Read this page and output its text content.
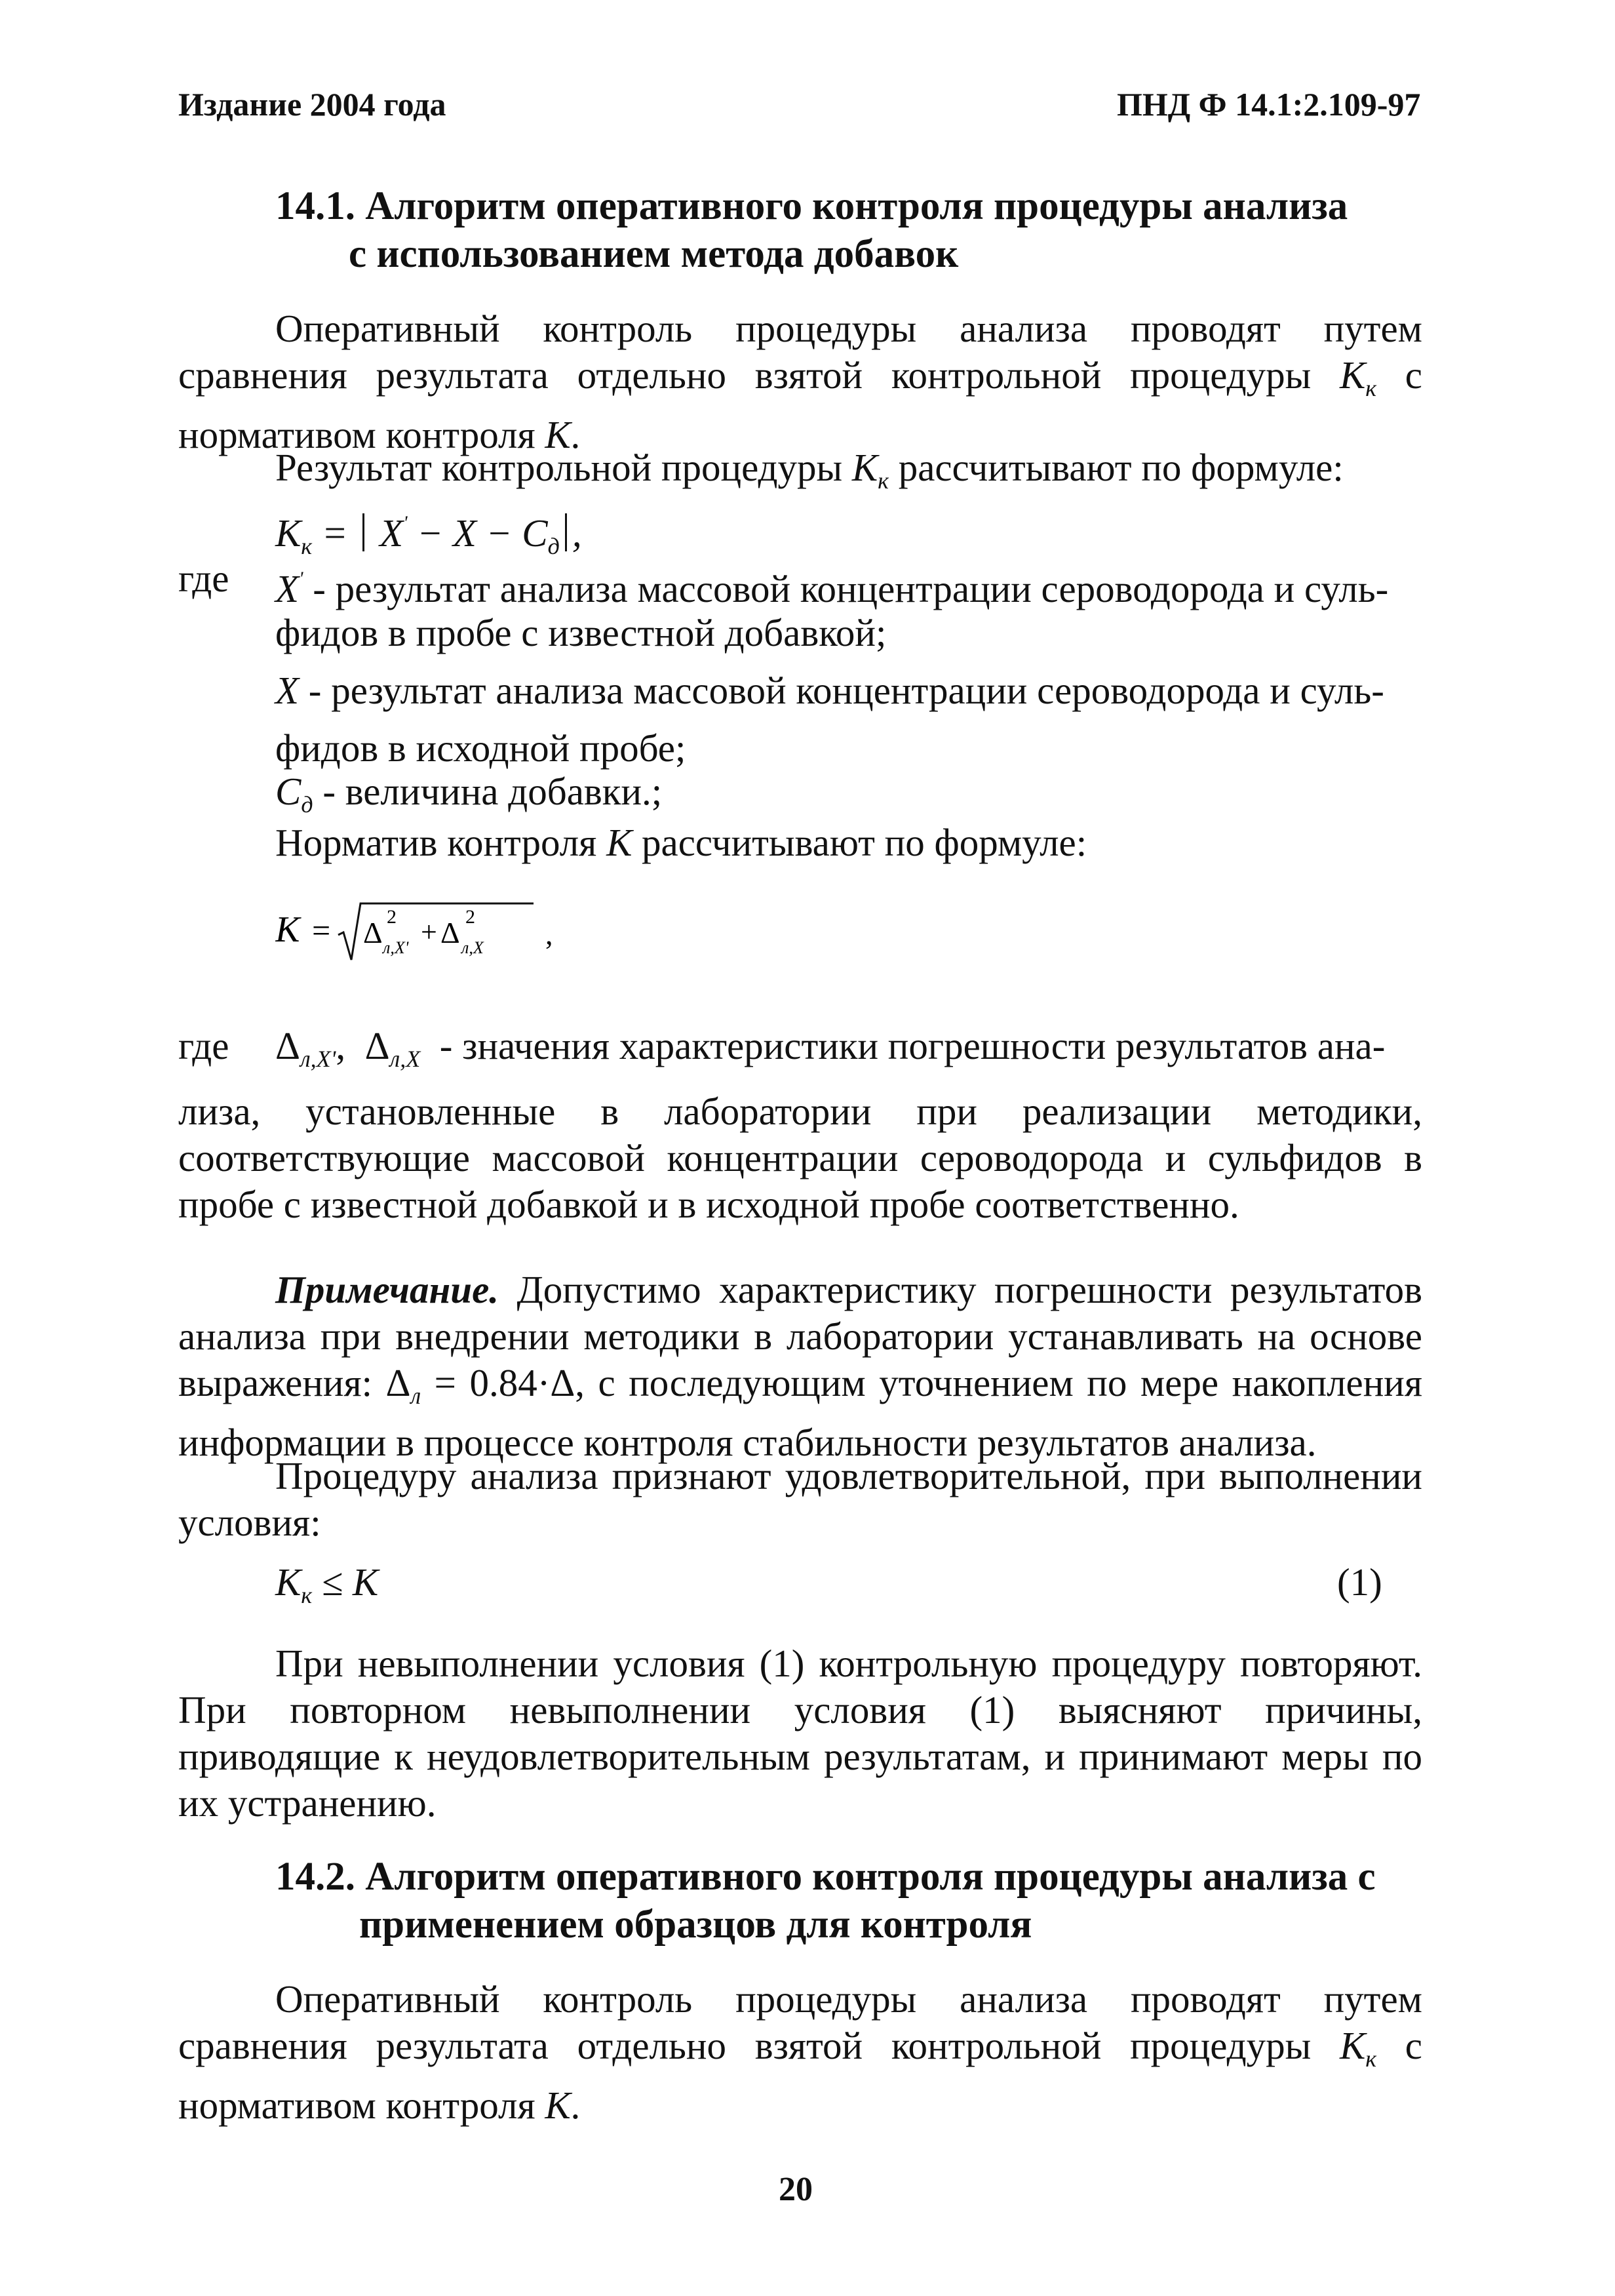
Издание 2004 года	ПНД Ф 14.1:2.109-97
14.1. Алгоритм оперативного контроля процедуры анализа
с использованием метода добавок
Оперативный контроль процедуры анализа проводят путем сравнения результата отдельно взятой контрольной процедуры $К_к$ с нормативом контроля К.
Результат контрольной процедуры $К_к$ рассчитывают по формуле:
$К_к = X' - X - C_д$ ,
где X' - результат анализа массовой концентрации сероводорода и суль-
фидов в пробе с известной добавкой;
X - результат анализа массовой концентрации сероводорода и суль-
фидов в исходной пробе;
$C_д$ - величина добавки.;
Норматив контроля К рассчитывают по формуле:
К = Δ 2
л,X' + Δ 2
л,X ,
где $\Delta_{л,X'}$,  $\Delta_{л,X}$  - значения характеристики погрешности результатов ана-
лиза, установленные в лаборатории при реализации методики, соответствующие массовой концентрации сероводорода и сульфидов в пробе с известной добавкой и в исходной пробе соответственно.
Примечание. Допустимо характеристику погрешности результатов анализа при внедрении методики в лаборатории устанавливать на основе выражения: $\Delta_л = 0.84\cdot\Delta$, с последующим уточнением по мере накопления информации в процессе контроля стабильности результатов анализа.
Процедуру анализа признают удовлетворительной, при выполнении условия:
$К_к \le К$	(1)
При невыполнении условия (1) контрольную процедуру повторяют. При повторном невыполнении условия (1) выясняют причины, приводящие к неудовлетворительным результатам, и принимают меры по их устранению.
14.2. Алгоритм оперативного контроля процедуры анализа с
применением образцов для контроля
Оперативный контроль процедуры анализа проводят путем сравнения результата отдельно взятой контрольной процедуры $К_к$ с нормативом контроля К.
20
